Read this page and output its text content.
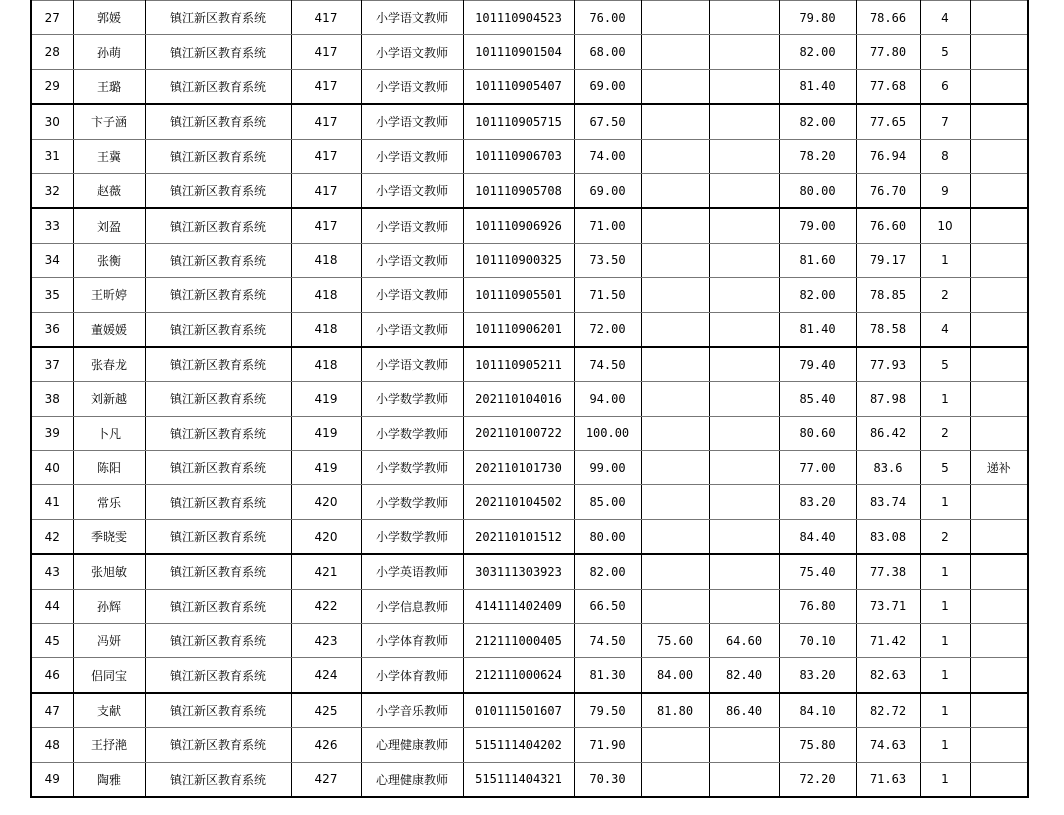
27	郭媛	镇江新区教育系统	417	小学语文教师	101110904523	76.00			79.80	78.66	4	
28	孙萌	镇江新区教育系统	417	小学语文教师	101110901504	68.00			82.00	77.80	5	
29	王璐	镇江新区教育系统	417	小学语文教师	101110905407	69.00			81.40	77.68	6	
30	卞子涵	镇江新区教育系统	417	小学语文教师	101110905715	67.50			82.00	77.65	7	
31	王冀	镇江新区教育系统	417	小学语文教师	101110906703	74.00			78.20	76.94	8	
32	赵薇	镇江新区教育系统	417	小学语文教师	101110905708	69.00			80.00	76.70	9	
33	刘盈	镇江新区教育系统	417	小学语文教师	101110906926	71.00			79.00	76.60	10	
34	张衡	镇江新区教育系统	418	小学语文教师	101110900325	73.50			81.60	79.17	1	
35	王昕婷	镇江新区教育系统	418	小学语文教师	101110905501	71.50			82.00	78.85	2	
36	董媛媛	镇江新区教育系统	418	小学语文教师	101110906201	72.00			81.40	78.58	4	
37	张春龙	镇江新区教育系统	418	小学语文教师	101110905211	74.50			79.40	77.93	5	
38	刘新越	镇江新区教育系统	419	小学数学教师	202110104016	94.00			85.40	87.98	1	
39	卜凡	镇江新区教育系统	419	小学数学教师	202110100722	100.00			80.60	86.42	2	
40	陈阳	镇江新区教育系统	419	小学数学教师	202110101730	99.00			77.00	83.6	5	递补
41	常乐	镇江新区教育系统	420	小学数学教师	202110104502	85.00			83.20	83.74	1	
42	季晓雯	镇江新区教育系统	420	小学数学教师	202110101512	80.00			84.40	83.08	2	
43	张旭敏	镇江新区教育系统	421	小学英语教师	303111303923	82.00			75.40	77.38	1	
44	孙辉	镇江新区教育系统	422	小学信息教师	414111402409	66.50			76.80	73.71	1	
45	冯妍	镇江新区教育系统	423	小学体育教师	212111000405	74.50	75.60	64.60	70.10	71.42	1	
46	侣同宝	镇江新区教育系统	424	小学体育教师	212111000624	81.30	84.00	82.40	83.20	82.63	1	
47	支献	镇江新区教育系统	425	小学音乐教师	010111501607	79.50	81.80	86.40	84.10	82.72	1	
48	王抒滟	镇江新区教育系统	426	心理健康教师	515111404202	71.90			75.80	74.63	1	
49	陶雅	镇江新区教育系统	427	心理健康教师	515111404321	70.30			72.20	71.63	1	
